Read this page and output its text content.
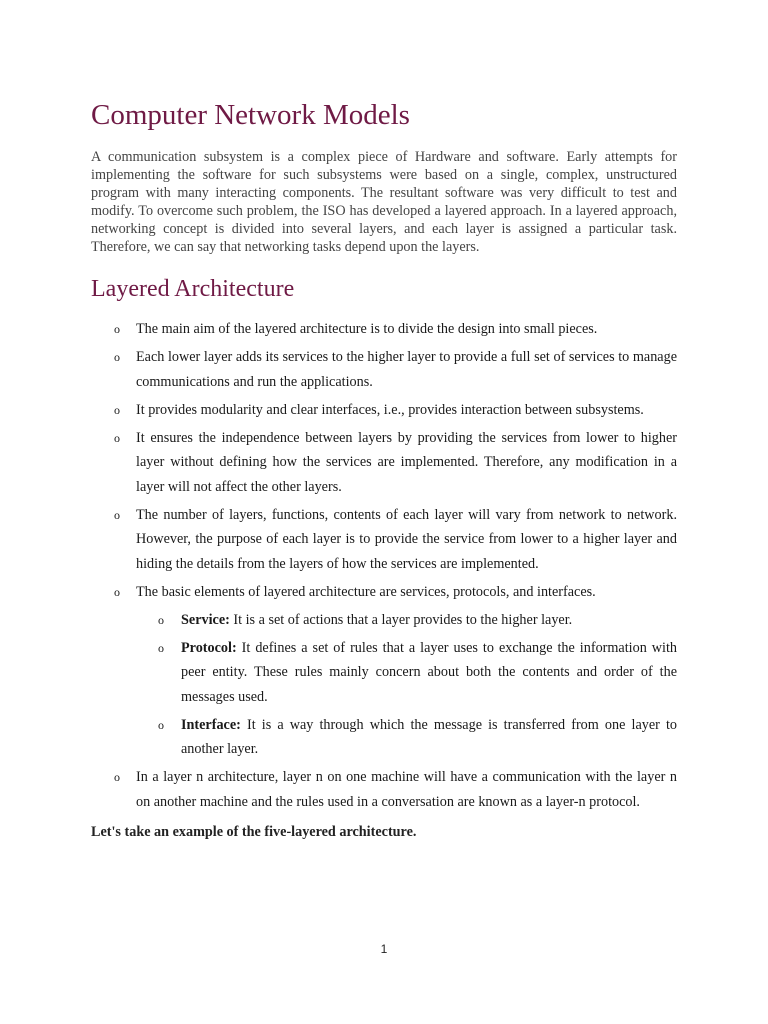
Computer Network Models

A communication subsystem is a complex piece of Hardware and software. Early attempts for implementing the software for such subsystems were based on a single, complex, unstructured program with many interacting components. The resultant software was very difficult to test and modify. To overcome such problem, the ISO has developed a layered approach. In a layered approach, networking concept is divided into several layers, and each layer is assigned a particular task. Therefore, we can say that networking tasks depend upon the layers.

Layered Architecture
o The main aim of the layered architecture is to divide the design into small pieces.
o Each lower layer adds its services to the higher layer to provide a full set of services to manage communications and run the applications.
o It provides modularity and clear interfaces, i.e., provides interaction between subsystems.
o It ensures the independence between layers by providing the services from lower to higher layer without defining how the services are implemented. Therefore, any modification in a layer will not affect the other layers.
o The number of layers, functions, contents of each layer will vary from network to network. However, the purpose of each layer is to provide the service from lower to a higher layer and hiding the details from the layers of how the services are implemented.
o The basic elements of layered architecture are services, protocols, and interfaces.
o Service: It is a set of actions that a layer provides to the higher layer.
o Protocol: It defines a set of rules that a layer uses to exchange the information with peer entity. These rules mainly concern about both the contents and order of the messages used.
o Interface: It is a way through which the message is transferred from one layer to another layer.
o In a layer n architecture, layer n on one machine will have a communication with the layer n on another machine and the rules used in a conversation are known as a layer-n protocol.

Let's take an example of the five-layered architecture.

1
